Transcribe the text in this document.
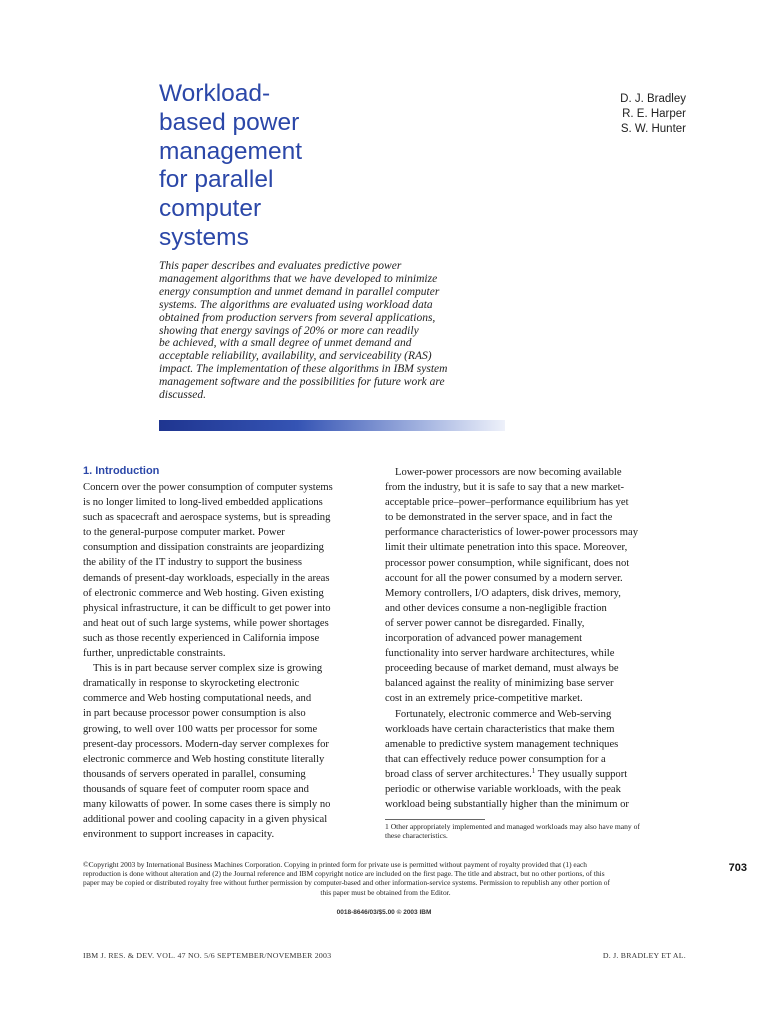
Workload-
based power
management
for parallel
computer
systems
D. J. Bradley
R. E. Harper
S. W. Hunter
This paper describes and evaluates predictive power
management algorithms that we have developed to minimize
energy consumption and unmet demand in parallel computer
systems. The algorithms are evaluated using workload data
obtained from production servers from several applications,
showing that energy savings of 20% or more can readily
be achieved, with a small degree of unmet demand and
acceptable reliability, availability, and serviceability (RAS)
impact. The implementation of these algorithms in IBM system
management software and the possibilities for future work are
discussed.
1. Introduction
Concern over the power consumption of computer systems
is no longer limited to long-lived embedded applications
such as spacecraft and aerospace systems, but is spreading
to the general-purpose computer market. Power
consumption and dissipation constraints are jeopardizing
the ability of the IT industry to support the business
demands of present-day workloads, especially in the areas
of electronic commerce and Web hosting. Given existing
physical infrastructure, it can be difficult to get power into
and heat out of such large systems, while power shortages
such as those recently experienced in California impose
further, unpredictable constraints.
This is in part because server complex size is growing
dramatically in response to skyrocketing electronic
commerce and Web hosting computational needs, and
in part because processor power consumption is also
growing, to well over 100 watts per processor for some
present-day processors. Modern-day server complexes for
electronic commerce and Web hosting constitute literally
thousands of servers operated in parallel, consuming
thousands of square feet of computer room space and
many kilowatts of power. In some cases there is simply no
additional power and cooling capacity in a given physical
environment to support increases in capacity.
Lower-power processors are now becoming available
from the industry, but it is safe to say that a new market-
acceptable price–power–performance equilibrium has yet
to be demonstrated in the server space, and in fact the
performance characteristics of lower-power processors may
limit their ultimate penetration into this space. Moreover,
processor power consumption, while significant, does not
account for all the power consumed by a modern server.
Memory controllers, I/O adapters, disk drives, memory,
and other devices consume a non-negligible fraction
of server power cannot be disregarded. Finally,
incorporation of advanced power management
functionality into server hardware architectures, while
proceeding because of market demand, must always be
balanced against the reality of minimizing base server
cost in an extremely price-competitive market.
Fortunately, electronic commerce and Web-serving
workloads have certain characteristics that make them
amenable to predictive system management techniques
that can effectively reduce power consumption for a
broad class of server architectures.$^1$ They usually support
periodic or otherwise variable workloads, with the peak
workload being substantially higher than the minimum or
1 Other appropriately implemented and managed workloads may also have many of
these characteristics.
©Copyright 2003 by International Business Machines Corporation. Copying in printed form for private use is permitted without payment of royalty provided that (1) each
reproduction is done without alteration and (2) the Journal reference and IBM copyright notice are included on the first page. The title and abstract, but no other portions, of this
paper may be copied or distributed royalty free without further permission by computer-based and other information-service systems. Permission to republish any other portion of
this paper must be obtained from the Editor.
0018-8646/03/$5.00 © 2003 IBM
703
IBM J. RES. & DEV. VOL. 47 NO. 5/6 SEPTEMBER/NOVEMBER 2003	D. J. BRADLEY ET AL.
